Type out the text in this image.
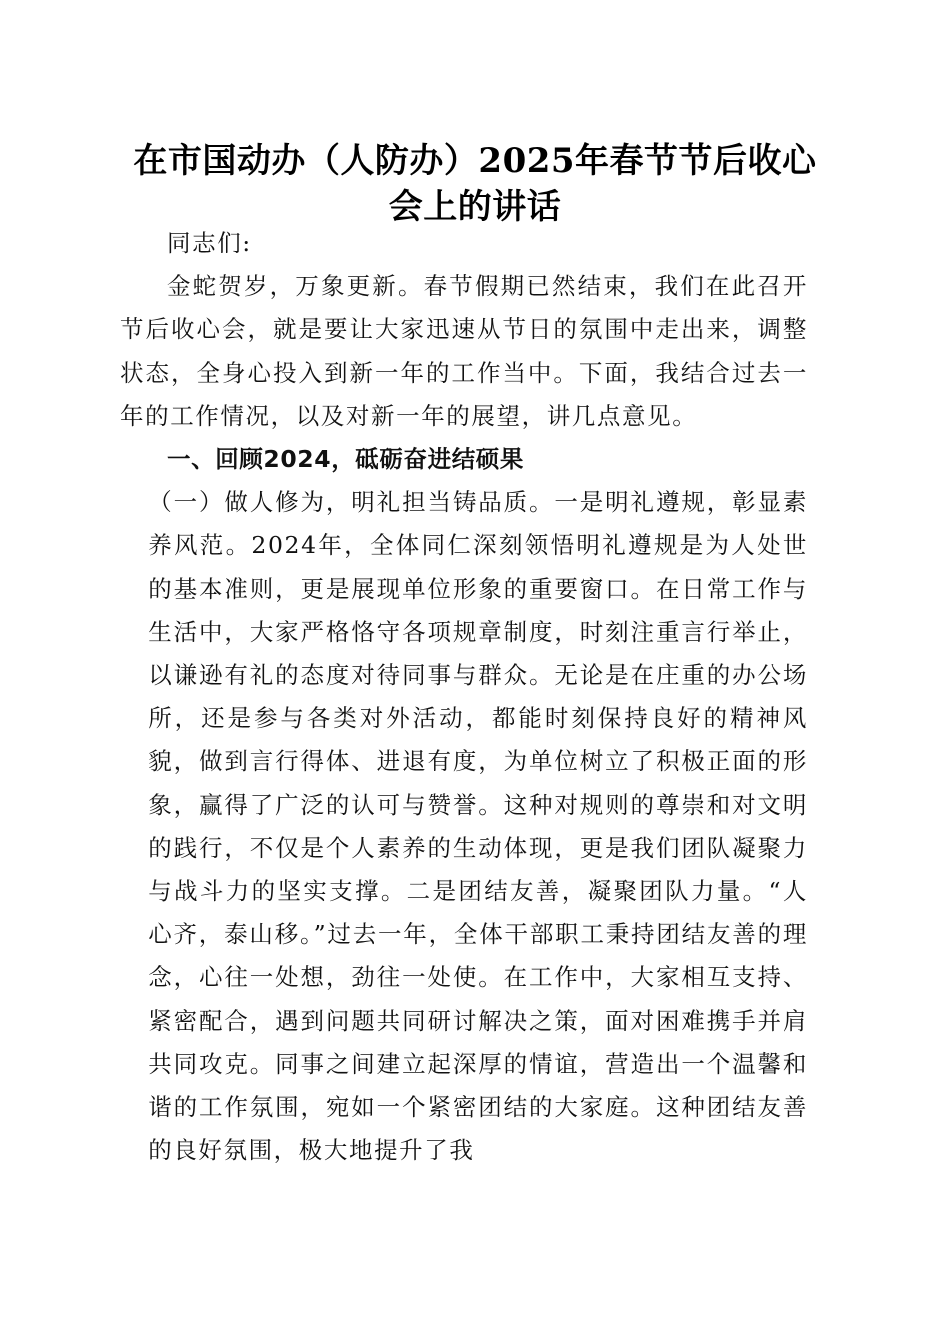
在市国动办（人防办）2025年春节节后收心
会上的讲话

同志们:

金蛇贺岁，万象更新。春节假期已然结束，我们在此召开节后收心会，就是要让大家迅速从节日的氛围中走出来，调整状态，全身心投入到新一年的工作当中。下面，我结合过去一年的工作情况，以及对新一年的展望，讲几点意见。

一、回顾2024，砥砺奋进结硕果

（一）做人修为，明礼担当铸品质。一是明礼遵规，彰显素养风范。2024年，全体同仁深刻领悟明礼遵规是为人处世的基本准则，更是展现单位形象的重要窗口。在日常工作与生活中，大家严格恪守各项规章制度，时刻注重言行举止，以谦逊有礼的态度对待同事与群众。无论是在庄重的办公场所，还是参与各类对外活动，都能时刻保持良好的精神风貌，做到言行得体、进退有度，为单位树立了积极正面的形象，赢得了广泛的认可与赞誉。这种对规则的尊崇和对文明的践行，不仅是个人素养的生动体现，更是我们团队凝聚力与战斗力的坚实支撑。二是团结友善，凝聚团队力量。“人心齐，泰山移。”过去一年，全体干部职工秉持团结友善的理念，心往一处想，劲往一处使。在工作中，大家相互支持、紧密配合，遇到问题共同研讨解决之策，面对困难携手并肩共同攻克。同事之间建立起深厚的情谊，营造出一个温馨和谐的工作氛围，宛如一个紧密团结的大家庭。这种团结友善的良好氛围，极大地提升了我
